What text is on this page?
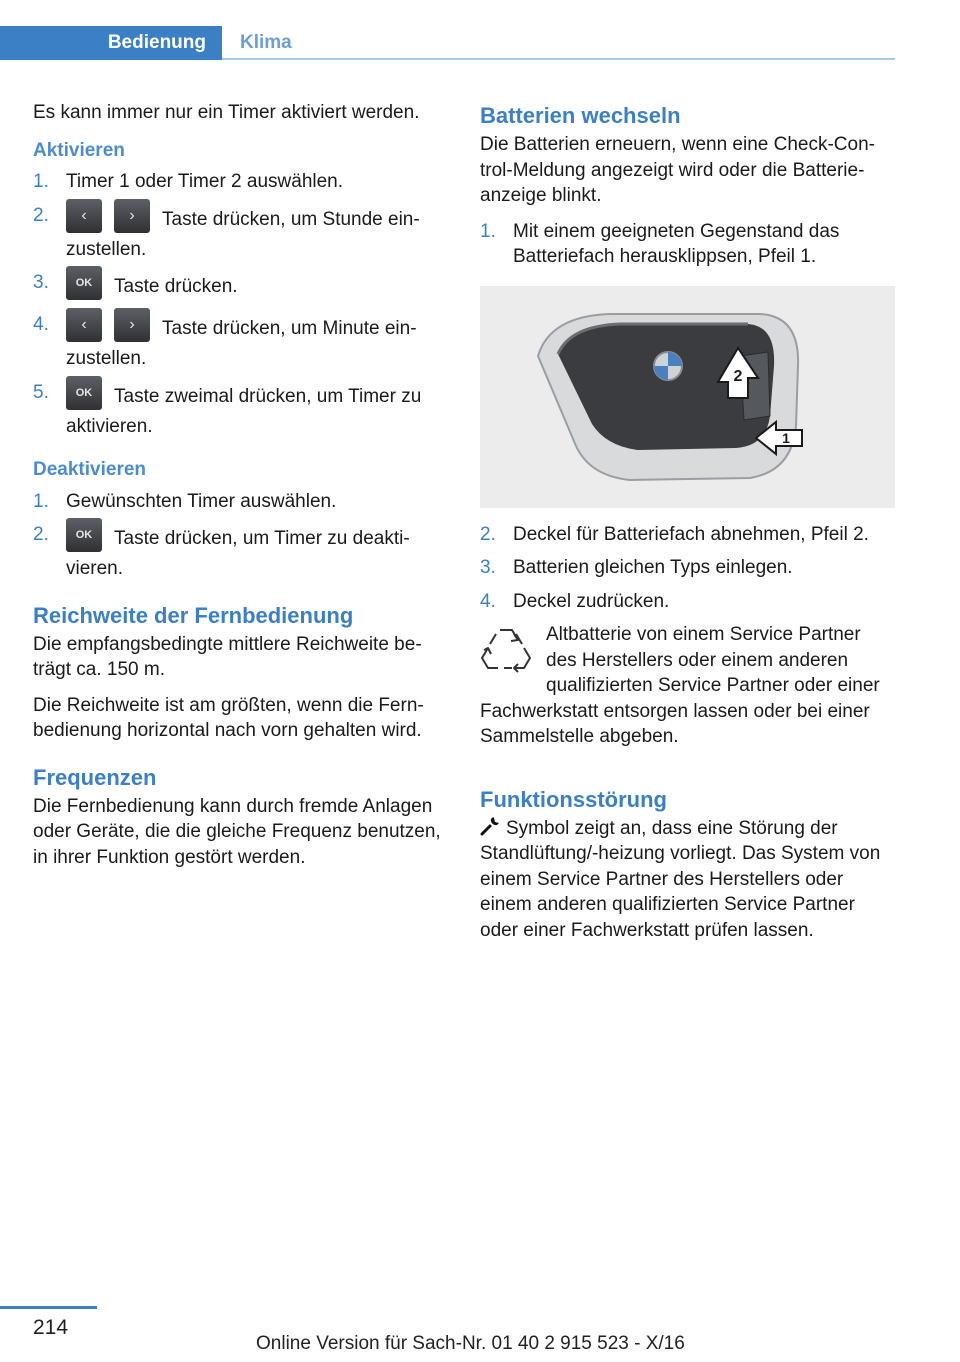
Bedienung	Klima

Es kann immer nur ein Timer aktiviert werden.

Aktivieren
1. Timer 1 oder Timer 2 auswählen.
2. ‹	› Taste drücken, um Stunde einzustellen.
3. OK Taste drücken.
4. ‹	› Taste drücken, um Minute einzustellen.
5. OK Taste zweimal drücken, um Timer zu aktivieren.
Deaktivieren
1. Gewünschten Timer auswählen.
2. OK Taste drücken, um Timer zu deaktivieren.
Reichweite der Fernbedienung

Die empfangsbedingte mittlere Reichweite beträgt ca. 150 m.

Die Reichweite ist am größten, wenn die Fernbedienung horizontal nach vorn gehalten wird.

Frequenzen

Die Fernbedienung kann durch fremde Anlagen oder Geräte, die die gleiche Frequenz benutzen, in ihrer Funktion gestört werden.

Batterien wechseln

Die Batterien erneuern, wenn eine Check-Control-Meldung angezeigt wird oder die Batterieanzeige blinkt.

1. Mit einem geeigneten Gegenstand das Batteriefach herausklippsen, Pfeil 1.
2
1
2. Deckel für Batteriefach abnehmen, Pfeil 2.
3. Batterien gleichen Typs einlegen.
4. Deckel zudrücken.
Altbatterie von einem Service Partner des Herstellers oder einem anderen qualifizierten Service Partner oder einer
Fachwerkstatt entsorgen lassen oder bei einer Sammelstelle abgeben.
Funktionsstörung

Symbol zeigt an, dass eine Störung der Standlüftung/-heizung vorliegt. Das System von einem Service Partner des Herstellers oder einem anderen qualifizierten Service Partner oder einer Fachwerkstatt prüfen lassen.

214
Online Version für Sach-Nr. 01 40 2 915 523 - X/16
